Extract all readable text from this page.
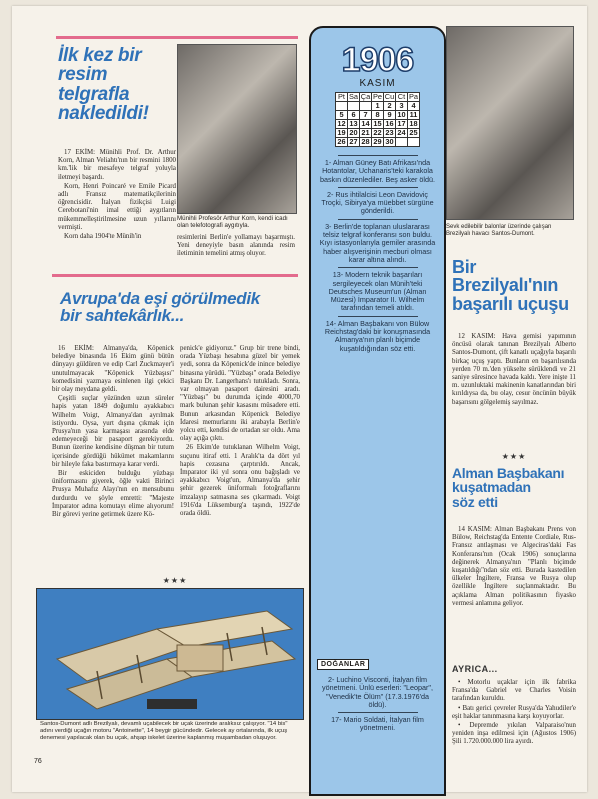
İlk kez bir
resim
telgrafla
nakledildi!

17 EKİM: Münihli Prof. Dr. Arthur Korn, Alman Veliahtı'nın bir resmini 1800 km.'lik bir mesafeye telgraf yoluyla iletmeyi başardı.

Korn, Henri Poincaré ve Emile Picard adlı Fransız matematikçilerinin öğrencisidir. İtalyan fizikçisi Luigi Cerebotani'nin imal ettiği aygıtların mükemmelleştirilmesine uzun yıllarını vermişti.

Korn daha 1904'te Münih'in

Münihli Profesör Arthur Korn, kendi icadı olan telefotografi aygıtıyla.

resimlerini Berlin'e yollamayı başarmıştı. Yeni deneyiyle basın alanında resim iletiminin temelini atmış oluyor.

Avrupa'da eşi görülmedik
bir sahtekârlık...

16 EKİM: Almanya'da, Köpenick belediye binasında 16 Ekim günü bütün dünyayı güldüren ve edip Carl Zuckmayer'i unutulmayacak "Köpenick Yüzbaşısı" komedisini yazmaya esinlenen ilgi çekici bir olay meydana geldi.

Çeşitli suçlar yüzünden uzun süreler hapis yatan 1849 doğumlu ayakkabıcı Wilhelm Voigt, Almanya'dan ayrılmak istiyordu. Oysa, yurt dışına çıkmak için Prusya'nın yasa karmaşası arasında elde edemeyeceği bir pasaport gerekiyordu. Bunun üzerine kendisine düşman bir tutum içerisinde gördüğü hükümet makamlarını bir hileyle faka bastırmaya karar verdi.

Bir eskiciden bulduğu yüzbaşı üniformasını giyerek, öğle vakti Birinci Prusya Muhafız Alayı'nın en mensubunu durdurdu ve şöyle emretti: "Majeste İmparator adına komutayı elime alıyorum! Bir görevi yerine getirmek üzere Kö-

penick'e gidiyoruz." Grup bir trene bindi, orada Yüzbaşı hesabına güzel bir yemek yedi, sonra da Köpenick'de inince belediye binasına yürüdü. "Yüzbaşı" orada Belediye Başkanı Dr. Langerhans'ı tutukladı. Sonra, var olmayan pasaport dairesini aradı. "Yüzbaşı" bu durumda içinde 4000,70 mark bulunan şehir kasasını müsadere etti. Bunun arkasından Köpenick Belediye İdaresi memurlarını iki arabayla Berlin'e yolcu etti, kendisi de ortadan sır oldu. Ama olay açığa çıktı.

26 Ekim'de tutuklanan Wilhelm Voigt, suçunu itiraf etti. 1 Aralık'ta da dört yıl hapis cezasına çarptırıldı. Ancak, İmparator iki yıl sonra onu bağışladı ve ayakkabıcı Voigt'un, Almanya'da şehir şehir gezerek üniformalı fotoğraflarını imzalayıp satmasına ses çıkarmadı. Voigt 1916'da Lüksemburg'a taşındı, 1922'de orada öldü.

★★★
Santos-Dumont adlı Brezilyalı, devamlı uçabilecek bir uçak üzerinde aralıksız çalışıyor. "14 bis" adını verdiği uçağın motoru "Antoinette", 14 beygir gücündedir. Gelecek ay ortalarında, ilk uçuş denemesi yapılacak olan bu uçak, ahşap iskelet üzerine kaplanmış muşambadan oluşuyor.
76
1906
KASIM
Pt	Sa	Ça	Pe	Cu	Ct	Pa
			1	2	3	4
5	6	7	8	9	10	11
12	13	14	15	16	17	18
19	20	21	22	23	24	25
26	27	28	29	30		
1- Alman Güney Batı Afrikası'nda Hotantolar, Uchanaris'teki karakola baskın düzenlediler. Beş asker öldü.
2- Rus ihtilalcisi Leon Davidoviç Troçki, Sibirya'ya müebbet sürgüne gönderildi.
3- Berlin'de toplanan uluslararası telsiz telgraf konferansı son buldu. Kıyı istasyonlarıyla gemiler arasında haber alışverişinin mecburi olması karar altına alındı.
13- Modern teknik başarıları sergileyecek olan Münih'teki Deutsches Museum'un (Alman Müzesi) İmparator II. Wilhelm tarafından temeli atıldı.
14- Alman Başbakanı von Bülow Reichstag'daki bir konuşmasında Almanya'nın planlı biçimde kuşatıldığından söz etti.
DOĞANLAR
2- Luchino Visconti, İtalyan film yönetmeni. Ünlü eserleri: "Leopar", "Venedik'te Ölüm" (17.3.1976'da öldü).
17- Mario Soldati, İtalyan film yönetmeni.
Sevk edilebilir balonlar üzerinde çalışan Brezilyalı havacı Santos-Dumont.
Bir
Brezilyalı'nın
başarılı uçuşu

12 KASIM: Hava gemisi yapımının öncüsü olarak tanınan Brezilyalı Alberto Santos-Dumont, çift kanatlı uçağıyla başarılı birkaç uçuş yaptı. Bunların en başarılısında yerden 70 m.'den yükselte sürüklendi ve 21 saniye süresince havada kaldı. Yere iniştе 11 m. uzunluktaki makinenin kanatlarından biri kırıldıysa da, bu olay, cesur öncünün büyük başarısını gölgelemiş sayılmaz.

★★★
Alman Başbakanı
kuşatmadan
söz etti

14 KASIM: Alman Başbakanı Prens von Bülow, Reichstag'da Entente Cordiale, Rus-Fransız antlaşması ve Algeciras'daki Fas Konferansı'nın (Ocak 1906) sonuçlarına değinerek Almanya'nın "Planlı biçimde kuşatıldığı"ndan söz etti. Burada kastedilen ülkeler İngiltere, Fransa ve Rusya olup özellikle İngiltere suçlanmaktadır. Bu açıklama Alman politikasının fiyasko vermesi anlamına geliyor.

AYRICA...

• Motorlu uçaklar için ilk fabrika Fransa'da Gabriel ve Charles Voisin tarafından kuruldu.

• Batı gerici çevreler Rusya'da Yahudiler'e eşit haklar tanınmasına karşı koyuyorlar.

• Depremde yıkılan Valparaiso'nun yeniden inşa edilmesi için (Ağustos 1906) Şili 1.720.000.000 lira ayırdı.
